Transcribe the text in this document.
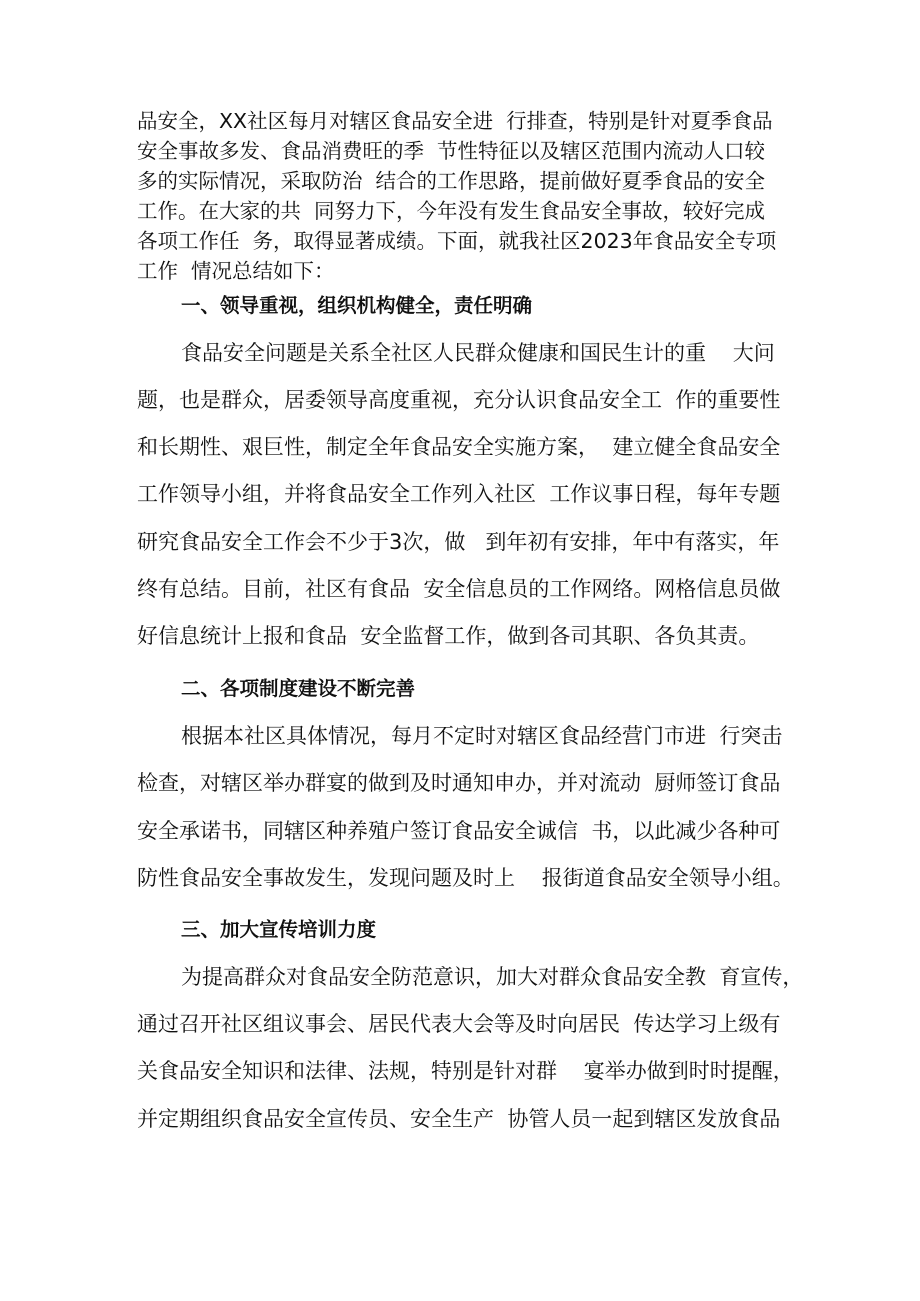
品安全，XX社区每月对辖区食品安全进  行排查，特别是针对夏季食品
安全事故多发、食品消费旺的季  节性特征以及辖区范围内流动人口较
多的实际情况，采取防治  结合的工作思路，提前做好夏季食品的安全
工作。在大家的共  同努力下，今年没有发生食品安全事故，较好完成
各项工作任  务，取得显著成绩。下面，就我社区2023年食品安全专项
工作  情况总结如下：
一、领导重视，组织机构健全，责任明确
食品安全问题是关系全社区人民群众健康和国民生计的重    大问
题，也是群众，居委领导高度重视，充分认识食品安全工  作的重要性
和长期性、艰巨性，制定全年食品安全实施方案，  建立健全食品安全
工作领导小组，并将食品安全工作列入社区  工作议事日程，每年专题
研究食品安全工作会不少于3次，做   到年初有安排，年中有落实，年
终有总结。目前，社区有食品  安全信息员的工作网络。网格信息员做
好信息统计上报和食品  安全监督工作，做到各司其职、各负其责。
二、各项制度建设不断完善
根据本社区具体情况，每月不定时对辖区食品经营门市进  行突击
检查，对辖区举办群宴的做到及时通知申办，并对流动  厨师签订食品
安全承诺书，同辖区种养殖户签订食品安全诚信  书，以此减少各种可
防性食品安全事故发生，发现问题及时上    报街道食品安全领导小组。
三、加大宣传培训力度
为提高群众对食品安全防范意识，加大对群众食品安全教  育宣传，
通过召开社区组议事会、居民代表大会等及时向居民  传达学习上级有
关食品安全知识和法律、法规，特别是针对群    宴举办做到时时提醒，
并定期组织食品安全宣传员、安全生产  协管人员一起到辖区发放食品
